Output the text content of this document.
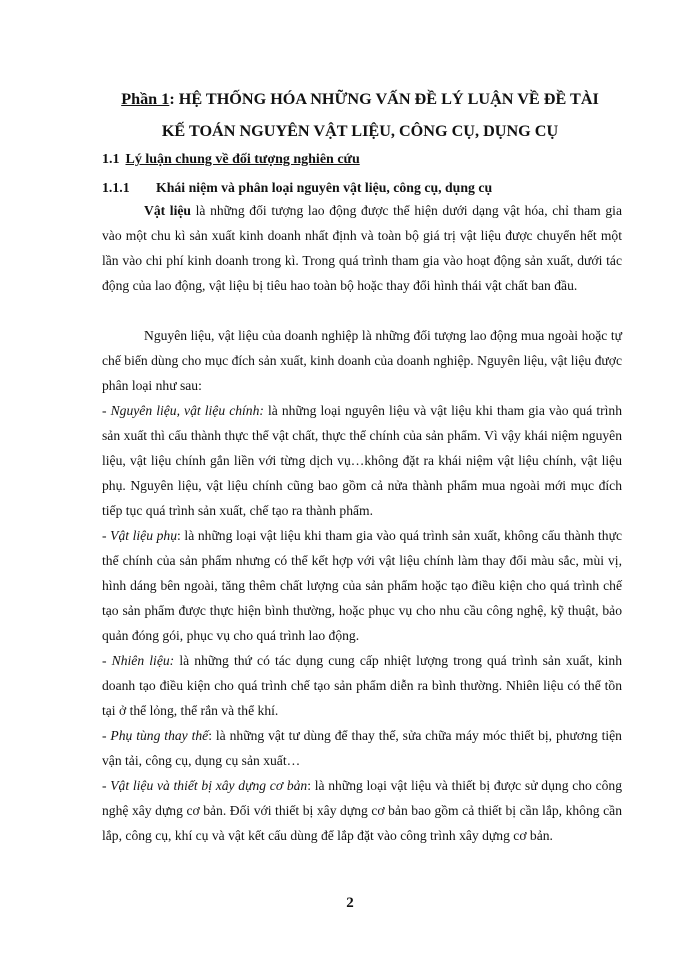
Phần 1: HỆ THỐNG HÓA NHỮNG VẤN ĐỀ LÝ LUẬN VỀ ĐỀ TÀI
KẾ TOÁN NGUYÊN VẬT LIỆU, CÔNG CỤ, DỤNG CỤ
1.1 Lý luận chung về đối tượng nghiên cứu
1.1.1 Khái niệm và phân loại nguyên vật liệu, công cụ, dụng cụ

Vật liệu là những đối tượng lao động được thể hiện dưới dạng vật hóa, chỉ tham gia vào một chu kì sản xuất kinh doanh nhất định và toàn bộ giá trị vật liệu được chuyển hết một lần vào chi phí kinh doanh trong kì. Trong quá trình tham gia vào hoạt động sản xuất, dưới tác động của lao động, vật liệu bị tiêu hao toàn bộ hoặc thay đổi hình thái vật chất ban đầu.

Nguyên liệu, vật liệu của doanh nghiệp là những đối tượng lao động mua ngoài hoặc tự chế biến dùng cho mục đích sản xuất, kinh doanh của doanh nghiệp. Nguyên liệu, vật liệu được phân loại như sau:

- Nguyên liệu, vật liệu chính: là những loại nguyên liệu và vật liệu khi tham gia vào quá trình sản xuất thì cấu thành thực thể vật chất, thực thể chính của sản phẩm. Vì vậy khái niệm nguyên liệu, vật liệu chính gắn liền với từng dịch vụ…không đặt ra khái niệm vật liệu chính, vật liệu phụ. Nguyên liệu, vật liệu chính cũng bao gồm cả nửa thành phẩm mua ngoài mới mục đích tiếp tục quá trình sản xuất, chế tạo ra thành phẩm.

- Vật liệu phụ: là những loại vật liệu khi tham gia vào quá trình sản xuất, không cấu thành thực thể chính của sản phẩm nhưng có thể kết hợp với vật liệu chính làm thay đổi màu sắc, mùi vị, hình dáng bên ngoài, tăng thêm chất lượng của sản phẩm hoặc tạo điều kiện cho quá trình chế tạo sản phẩm được thực hiện bình thường, hoặc phục vụ cho nhu cầu công nghệ, kỹ thuật, bảo quản đóng gói, phục vụ cho quá trình lao động.

- Nhiên liệu: là những thứ có tác dụng cung cấp nhiệt lượng trong quá trình sản xuất, kinh doanh tạo điều kiện cho quá trình chế tạo sản phẩm diễn ra bình thường. Nhiên liệu có thể tồn tại ở thể lỏng, thể rắn và thể khí.

- Phụ tùng thay thế: là những vật tư dùng để thay thế, sửa chữa máy móc thiết bị, phương tiện vận tải, công cụ, dụng cụ sản xuất…

- Vật liệu và thiết bị xây dựng cơ bản: là những loại vật liệu và thiết bị được sử dụng cho công nghệ xây dựng cơ bản. Đối với thiết bị xây dựng cơ bản bao gồm cả thiết bị cần lắp, không cần lắp, công cụ, khí cụ và vật kết cấu dùng để lắp đặt vào công trình xây dựng cơ bản.

2
